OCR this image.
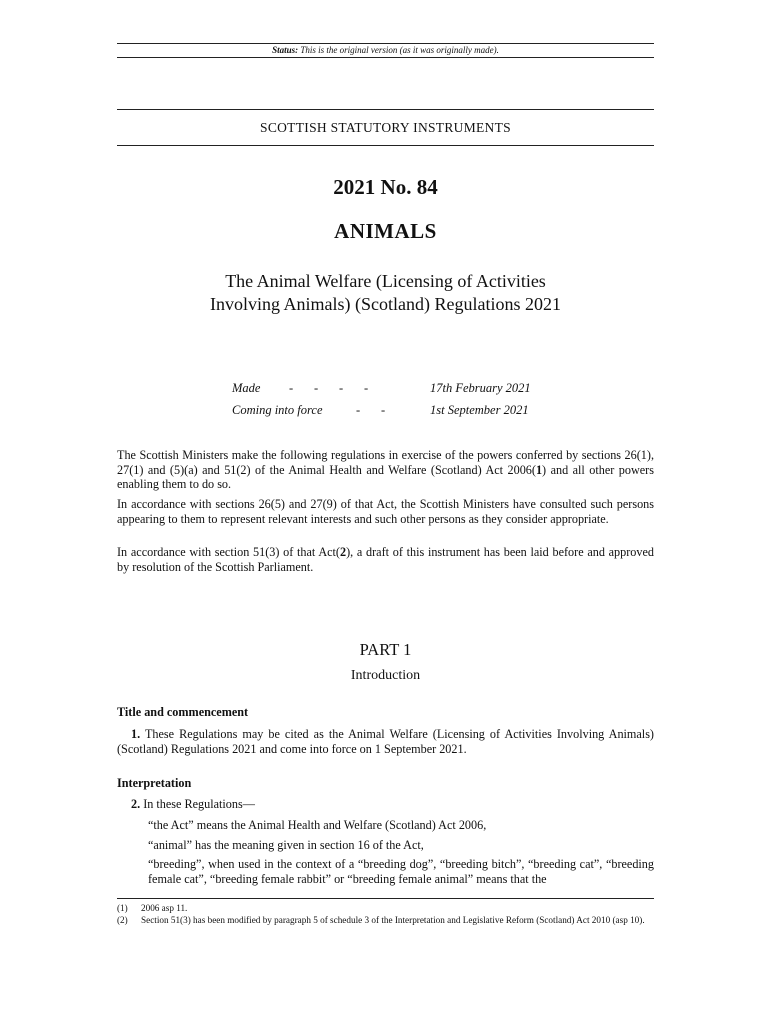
Status: This is the original version (as it was originally made).
SCOTTISH STATUTORY INSTRUMENTS
2021 No. 84
ANIMALS
The Animal Welfare (Licensing of Activities
Involving Animals) (Scotland) Regulations 2021
Made - - - -	17th February 2021
Coming into force	- -	1st September 2021
The Scottish Ministers make the following regulations in exercise of the powers conferred by sections 26(1), 27(1) and (5)(a) and 51(2) of the Animal Health and Welfare (Scotland) Act 2006(1) and all other powers enabling them to do so.
In accordance with sections 26(5) and 27(9) of that Act, the Scottish Ministers have consulted such persons appearing to them to represent relevant interests and such other persons as they consider appropriate.
In accordance with section 51(3) of that Act(2), a draft of this instrument has been laid before and approved by resolution of the Scottish Parliament.
PART 1
Introduction
Title and commencement
1. These Regulations may be cited as the Animal Welfare (Licensing of Activities Involving Animals) (Scotland) Regulations 2021 and come into force on 1 September 2021.
Interpretation
2. In these Regulations—
“the Act” means the Animal Health and Welfare (Scotland) Act 2006,
“animal” has the meaning given in section 16 of the Act,
“breeding”, when used in the context of a “breeding dog”, “breeding bitch”, “breeding cat”, “breeding female cat”, “breeding female rabbit” or “breeding female animal” means that the
(1) 2006 asp 11.
(2) Section 51(3) has been modified by paragraph 5 of schedule 3 of the Interpretation and Legislative Reform (Scotland) Act 2010 (asp 10).
